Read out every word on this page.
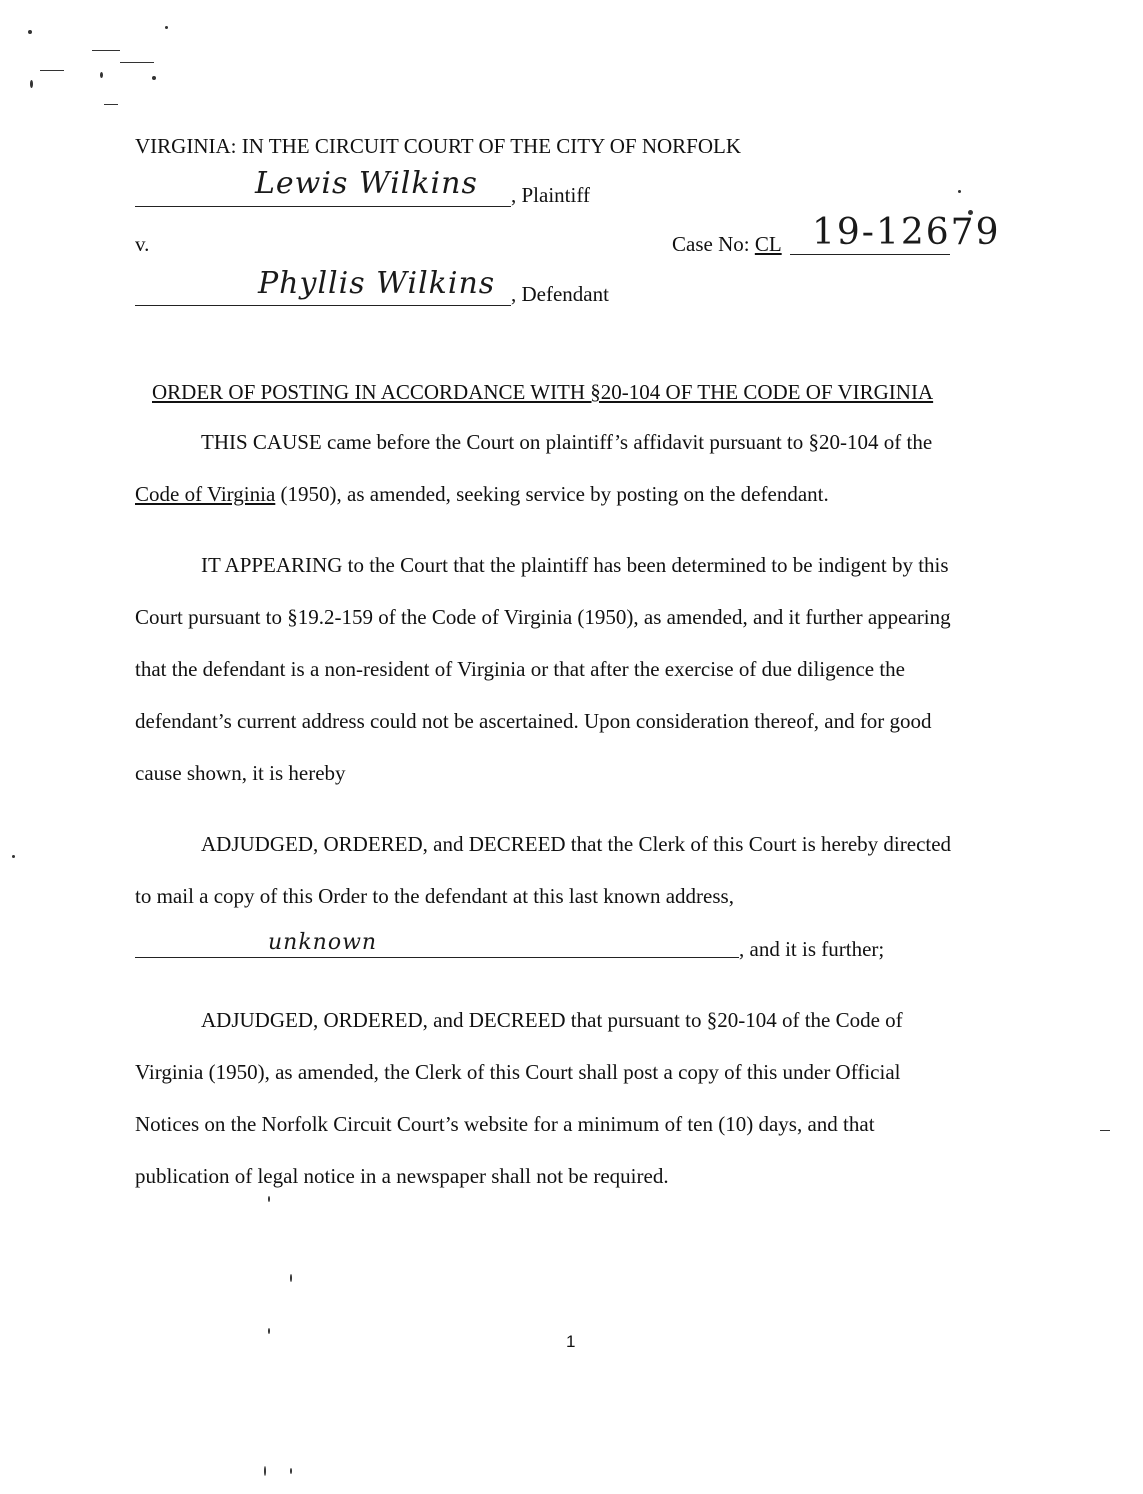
VIRGINIA: IN THE CIRCUIT COURT OF THE CITY OF NORFOLK
Lewis Wilkins , Plaintiff
v.	Case No: CL 19-12679
Phyllis Wilkins , Defendant
ORDER OF POSTING IN ACCORDANCE WITH §20-104 OF THE CODE OF VIRGINIA
THIS CAUSE came before the Court on plaintiff’s affidavit pursuant to §20-104 of the
Code of Virginia (1950), as amended, seeking service by posting on the defendant.
IT APPEARING to the Court that the plaintiff has been determined to be indigent by this
Court pursuant to §19.2-159 of the Code of Virginia (1950), as amended, and it further appearing
that the defendant is a non-resident of Virginia or that after the exercise of due diligence the
defendant’s current address could not be ascertained. Upon consideration thereof, and for good
cause shown, it is hereby
ADJUDGED, ORDERED, and DECREED that the Clerk of this Court is hereby directed
to mail a copy of this Order to the defendant at this last known address,
unknown	, and it is further;
ADJUDGED, ORDERED, and DECREED that pursuant to §20-104 of the Code of
Virginia (1950), as amended, the Clerk of this Court shall post a copy of this under Official
Notices on the Norfolk Circuit Court’s website for a minimum of ten (10) days, and that
publication of legal notice in a newspaper shall not be required.
1
